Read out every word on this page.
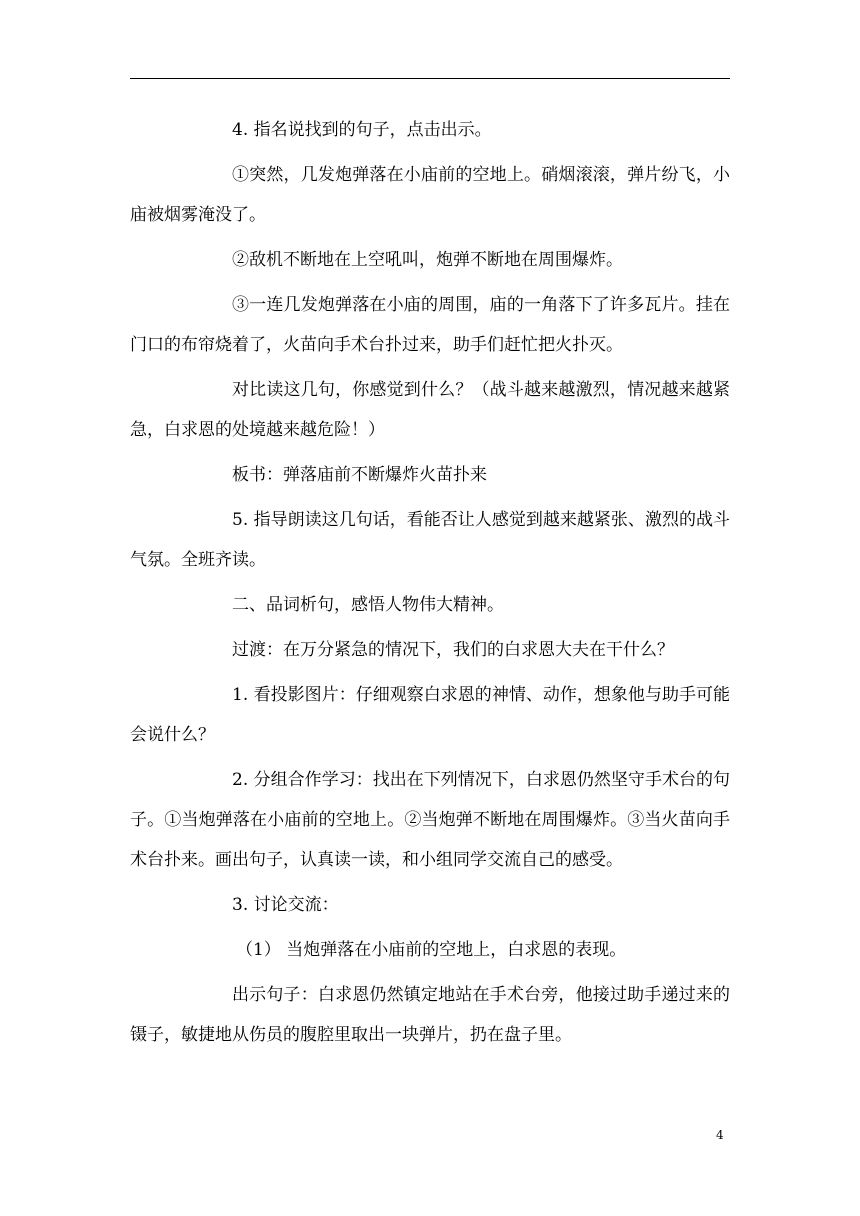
4. 指名说找到的句子，点击出示。

①突然，几发炮弹落在小庙前的空地上。硝烟滚滚，弹片纷飞，小庙被烟雾淹没了。

②敌机不断地在上空吼叫，炮弹不断地在周围爆炸。

③一连几发炮弹落在小庙的周围，庙的一角落下了许多瓦片。挂在门口的布帘烧着了，火苗向手术台扑过来，助手们赶忙把火扑灭。

对比读这几句，你感觉到什么？（战斗越来越激烈，情况越来越紧急，白求恩的处境越来越危险！）

板书：弹落庙前不断爆炸火苗扑来

5. 指导朗读这几句话，看能否让人感觉到越来越紧张、激烈的战斗气氛。全班齐读。

二、品词析句，感悟人物伟大精神。

过渡：在万分紧急的情况下，我们的白求恩大夫在干什么？

1. 看投影图片：仔细观察白求恩的神情、动作，想象他与助手可能会说什么？

2. 分组合作学习：找出在下列情况下，白求恩仍然坚守手术台的句子。①当炮弹落在小庙前的空地上。②当炮弹不断地在周围爆炸。③当火苗向手术台扑来。画出句子，认真读一读，和小组同学交流自己的感受。

3. 讨论交流：

（1） 当炮弹落在小庙前的空地上，白求恩的表现。

出示句子：白求恩仍然镇定地站在手术台旁，他接过助手递过来的镊子，敏捷地从伤员的腹腔里取出一块弹片，扔在盘子里。

4
